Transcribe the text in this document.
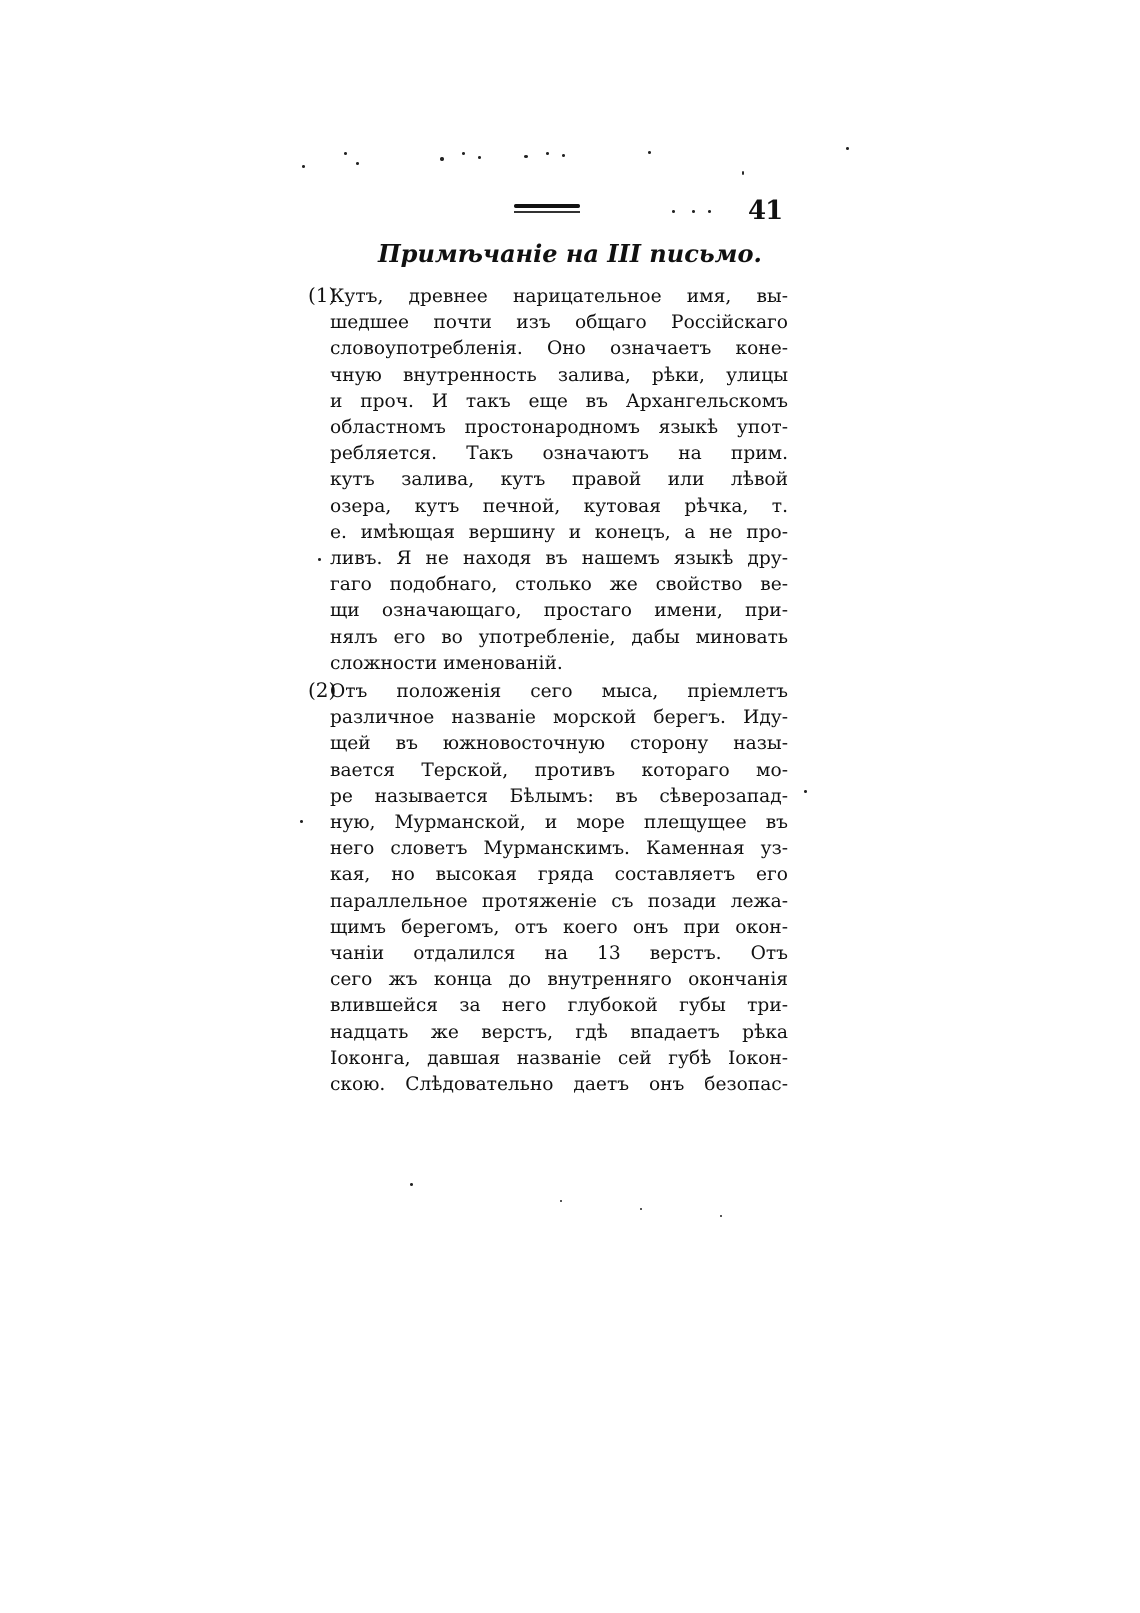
41
Примѣчаніе на III письмо.
(1)Кутъ, древнее нарицательное имя, вы-
шедшее почти изъ общаго Россійскаго
словоупотребленія. Оно означаетъ коне-
чную внутренность залива, рѣки, улицы
и проч. И такъ еще въ Архангельскомъ
областномъ простонародномъ языкѣ упот-
ребляется. Такъ означаютъ на прим.
кутъ залива, кутъ правой или лѣвой
озера, кутъ печной, кутовая рѣчка, т.
е. имѣющая вершину и конецъ, а не про-
ливъ. Я не находя въ нашемъ языкѣ дру-
гаго подобнаго, столько же свойство ве-
щи означающаго, простаго имени, при-
нялъ его во употребленіе, дабы миновать
сложности именованій.
(2)Отъ положенія сего мыса, пріемлетъ
различное названіе морской берегъ. Иду-
щей въ южновосточную сторону назы-
вается Терской, противъ котораго мо-
ре называется Бѣлымъ: въ сѣверозапад-
ную, Мурманской, и море плещущее въ
него словетъ Мурманскимъ. Каменная уз-
кая, но высокая гряда составляетъ его
параллельное протяженіе съ позади лежа-
щимъ берегомъ, отъ коего онъ при окон-
чаніи отдалился на 13 верстъ. Отъ
сего жъ конца до внутренняго окончанія
влившейся за него глубокой губы три-
надцать же верстъ, гдѣ впадаетъ рѣка
Іоконга, давшая названіе сей губѣ Іокон-
скою. Слѣдовательно даетъ онъ безопас-
